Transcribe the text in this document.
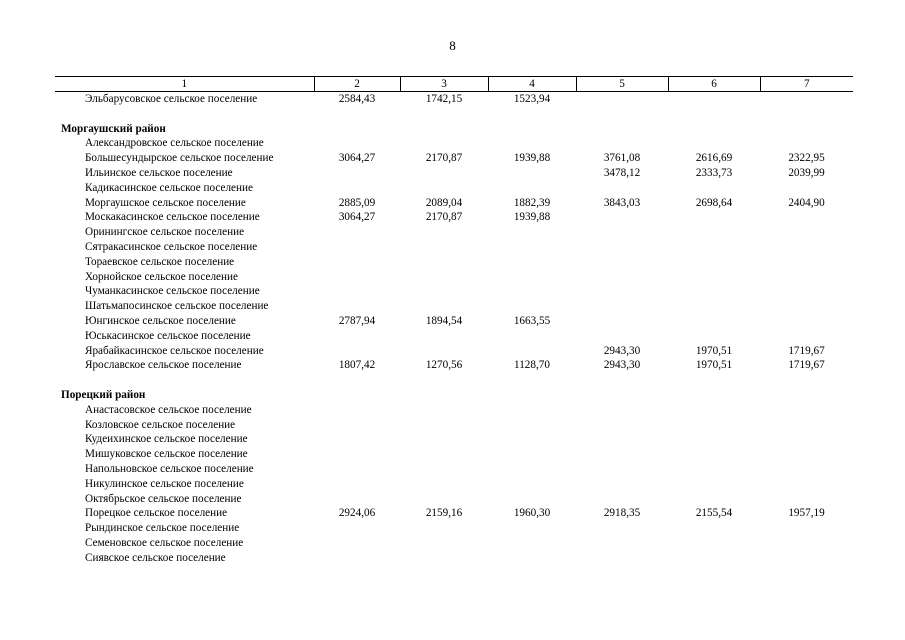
8
1	2	3	4	5	6	7
Эльбарусовское сельское поселение	2584,43	1742,15	1523,94			

Моргаушский район						
Александровское сельское поселение						
Большесундырское сельское поселение	3064,27	2170,87	1939,88	3761,08	2616,69	2322,95
Ильинское сельское поселение				3478,12	2333,73	2039,99
Кадикасинское сельское поселение						
Моргаушское сельское поселение	2885,09	2089,04	1882,39	3843,03	2698,64	2404,90
Москакасинское сельское поселение	3064,27	2170,87	1939,88			
Оринингское сельское поселение						
Сятракасинское сельское поселение						
Тораевское сельское поселение						
Хорнойское сельское поселение						
Чуманкасинское сельское поселение						
Шатьмапосинское сельское поселение						
Юнгинское сельское поселение	2787,94	1894,54	1663,55			
Юськасинское сельское поселение						
Ярабайкасинское сельское поселение				2943,30	1970,51	1719,67
Ярославское сельское поселение	1807,42	1270,56	1128,70	2943,30	1970,51	1719,67

Порецкий район						
Анастасовское сельское поселение						
Козловское сельское поселение						
Кудеихинское сельское поселение						
Мишуковское сельское поселение						
Напольновское сельское поселение						
Никулинское сельское поселение						
Октябрьское сельское поселение						
Порецкое сельское поселение	2924,06	2159,16	1960,30	2918,35	2155,54	1957,19
Рындинское сельское поселение						
Семеновское сельское поселение						
Сиявское сельское поселение						
